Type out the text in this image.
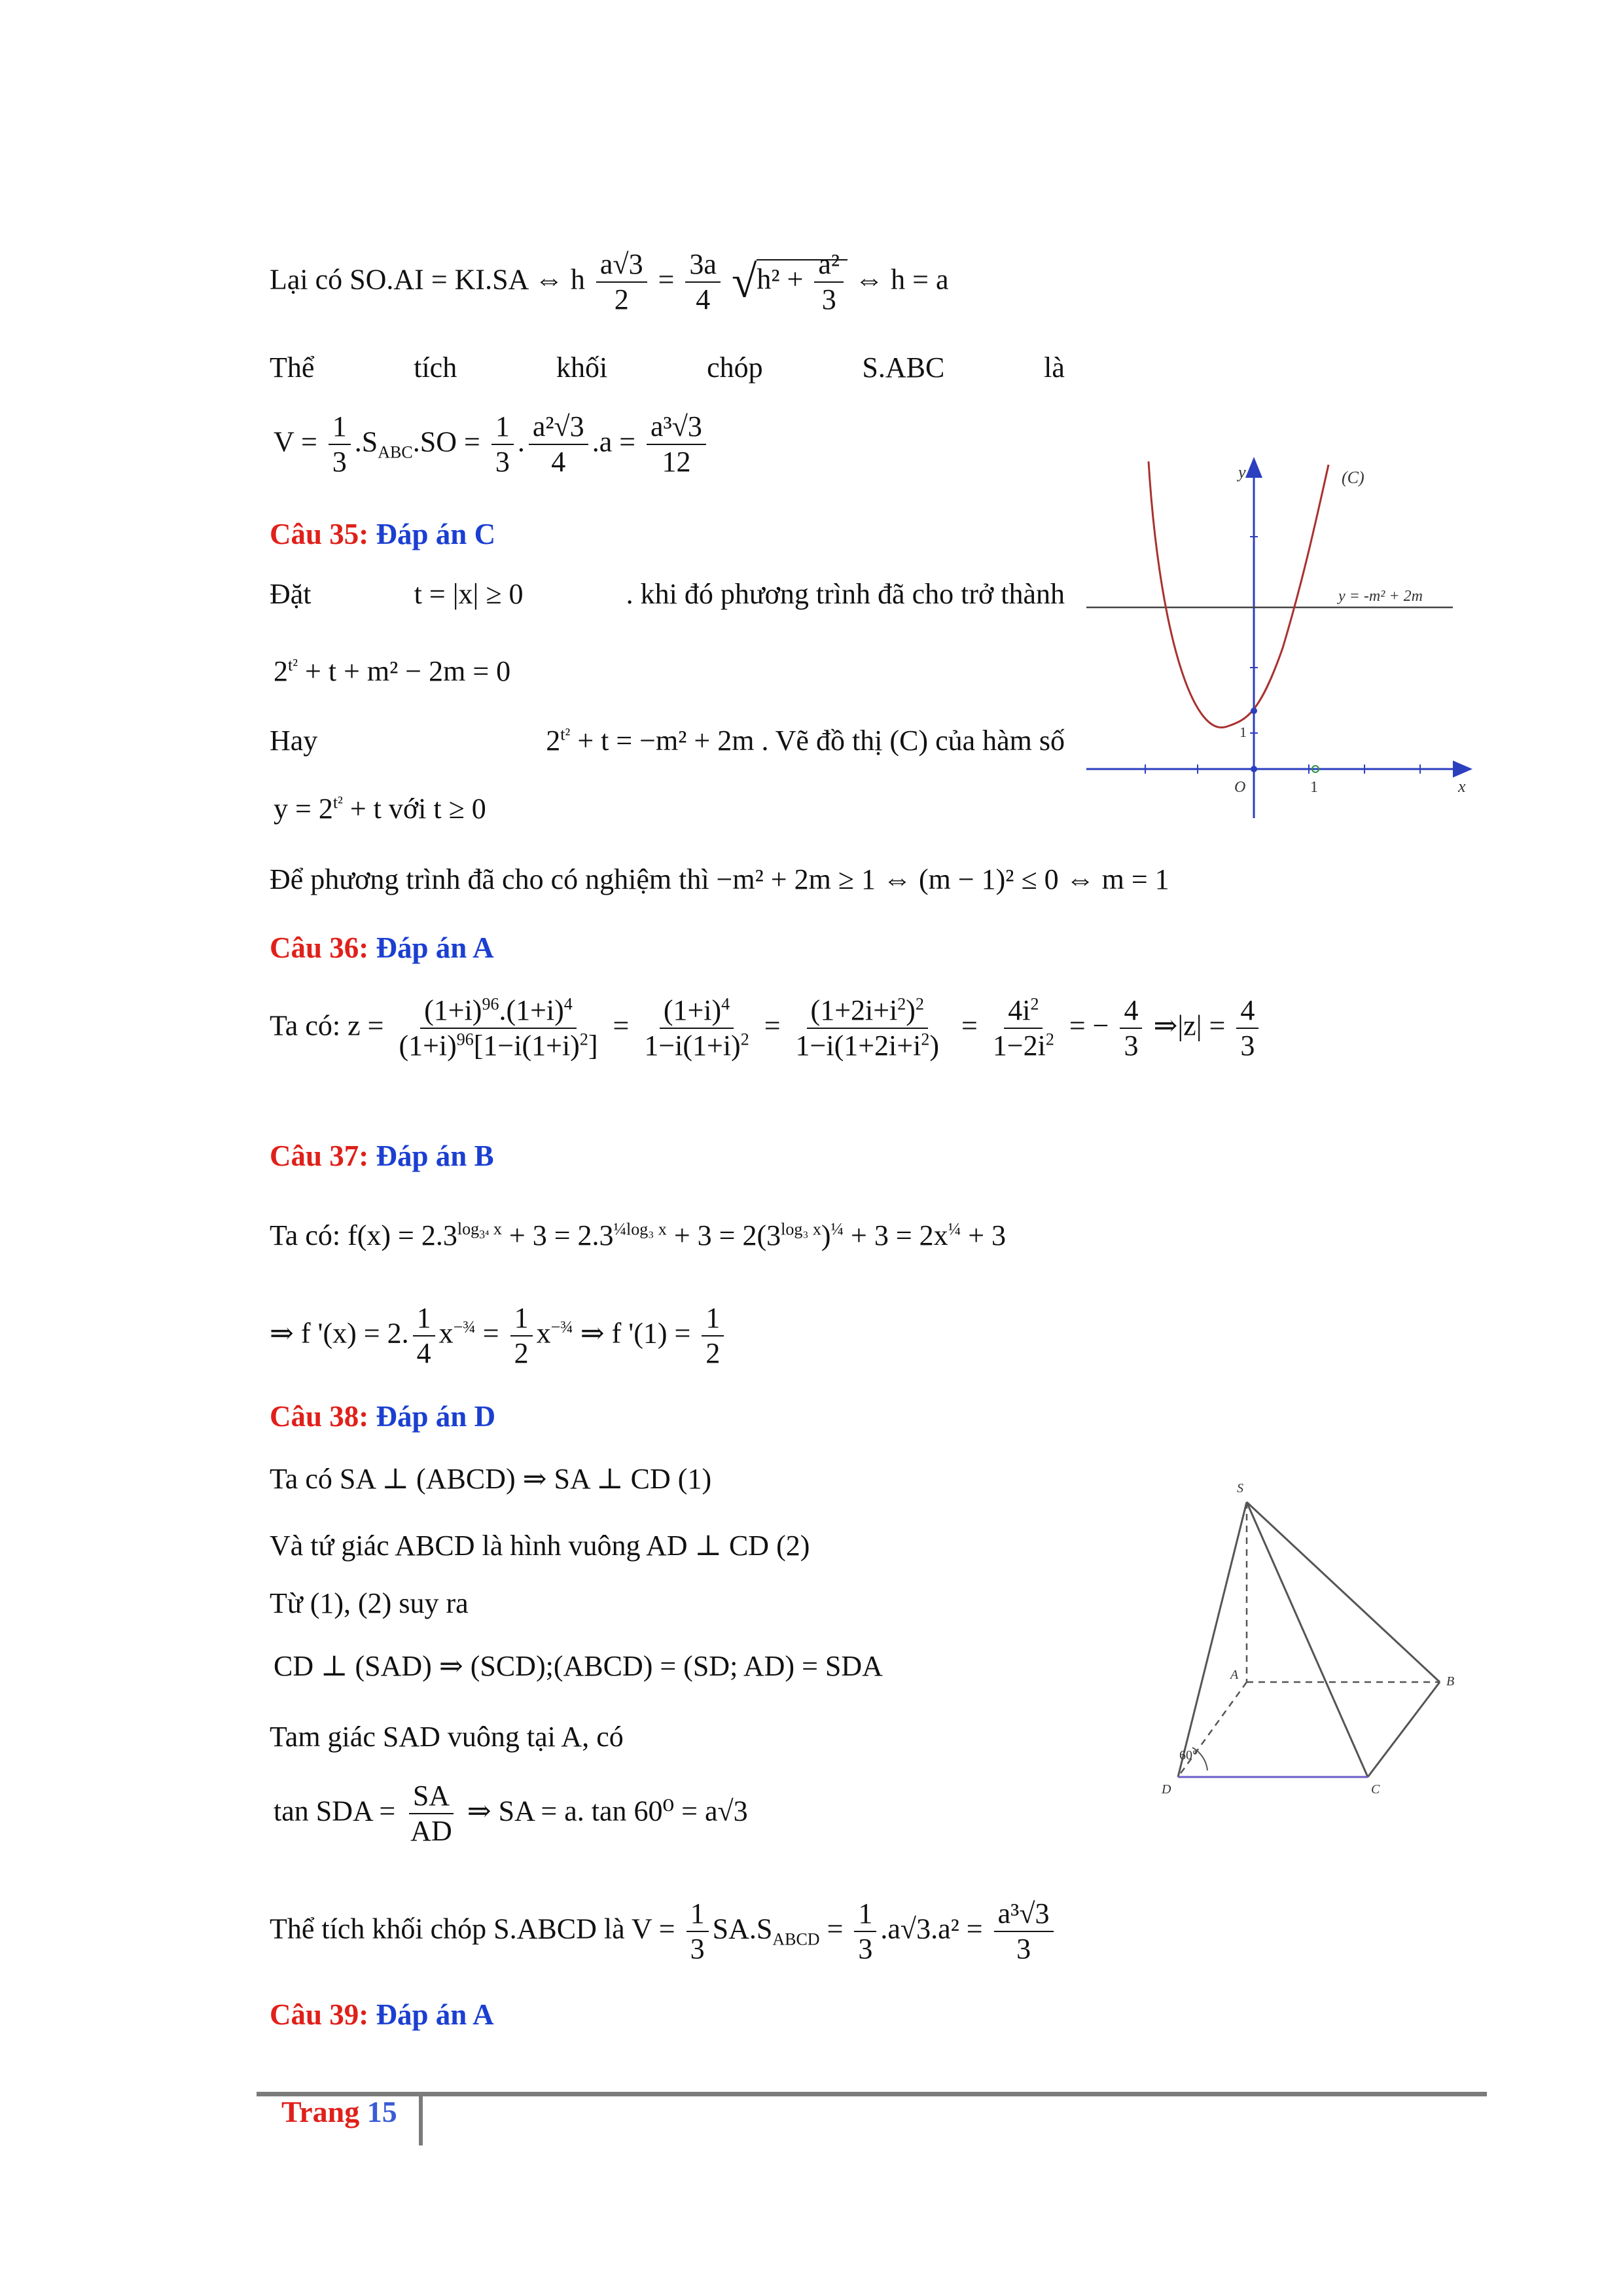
Lại có SO.AI = KI.SA ⇔ h $\frac{a√3}{2} = \frac{3a}{4} √h^2 + \frac{\text{a²}}{3}$ ⇔ h = a
Thể	tích	khối	chóp	S.ABC	là
$V = \frac{1}{3} .S_{ABC}.SO = \frac{1}{3}$ . $\frac{\text{a²√3}}{4} .a = \frac{\text{a³√3}}{12}$
Câu 35: Đáp án C
Đặt	t = |x| ≥ 0	. khi đó phương trình đã cho trở thành
$2^{t^2} + t + m^2 - 2m = 0$
Hay	$2^{t^2} + t = -m^2 + 2m$ . Vẽ đồ thị (C) của hàm số
$y = 2^{t^2} + t$ với t ≥ 0
Để phương trình đã cho có nghiệm thì −m² + 2m ≥ 1 ⇔ (m − 1)² ≤ 0 ⇔ m = 1
y
x
(C)
y = -m² + 2m
O	1
1
Câu 36: Đáp án A
Ta có: $z = \frac{(1+i)^{96}.(1+i)^4}{(1+i)^{96}[1-i(1+i)^2]} = \frac{(1+i)^4}{1-i(1+i)^2} = \frac{(1+2i+i^2)^2}{1-i(1+2i+i^2)} = \frac{4i^2}{1-2i^2}$ = − $\frac{4}{3}$ ⇒|z| = $\frac{4}{3}$
Câu 37: Đáp án B
Ta có: $f(x) = 2.3^{log_{3^4} x} + 3 = 2.3^{\frac{1}{4}log_3 x} + 3 = 2(3^{log_3 x})^{\frac{1}{4}} + 3 = 2x^{\frac{1}{4}} + 3$
⇒ f '(x) = 2. $\frac{1}{4} x^{-\frac{3}{4}} = \frac{1}{2} x^{-\frac{3}{4}}$ ⇒ f '$(1) = \frac{1}{2}$
Câu 38: Đáp án D
Ta có SA ⊥ (ABCD) ⇒ SA ⊥ CD (1)
Và tứ giác ABCD là hình vuông AD ⊥ CD (2)
Từ (1), (2) suy ra
CD ⊥ (SAD) ⇒ (SCD);(ABCD) = (SD; AD) = SDA
Tam giác SAD vuông tại A, có
tan SDA = $\frac{SA}{AD}$ ⇒ SA = a. tan 60⁰ = a√3
Thể tích khối chóp S.ABCD là $V = \frac{1}{3} SA.S_{ABCD} = \frac{1}{3} .a√3.a^2 = \frac{\text{a³√3}}{3}$
S
A	B
C
D
60°
Câu 39: Đáp án A
Trang 15
